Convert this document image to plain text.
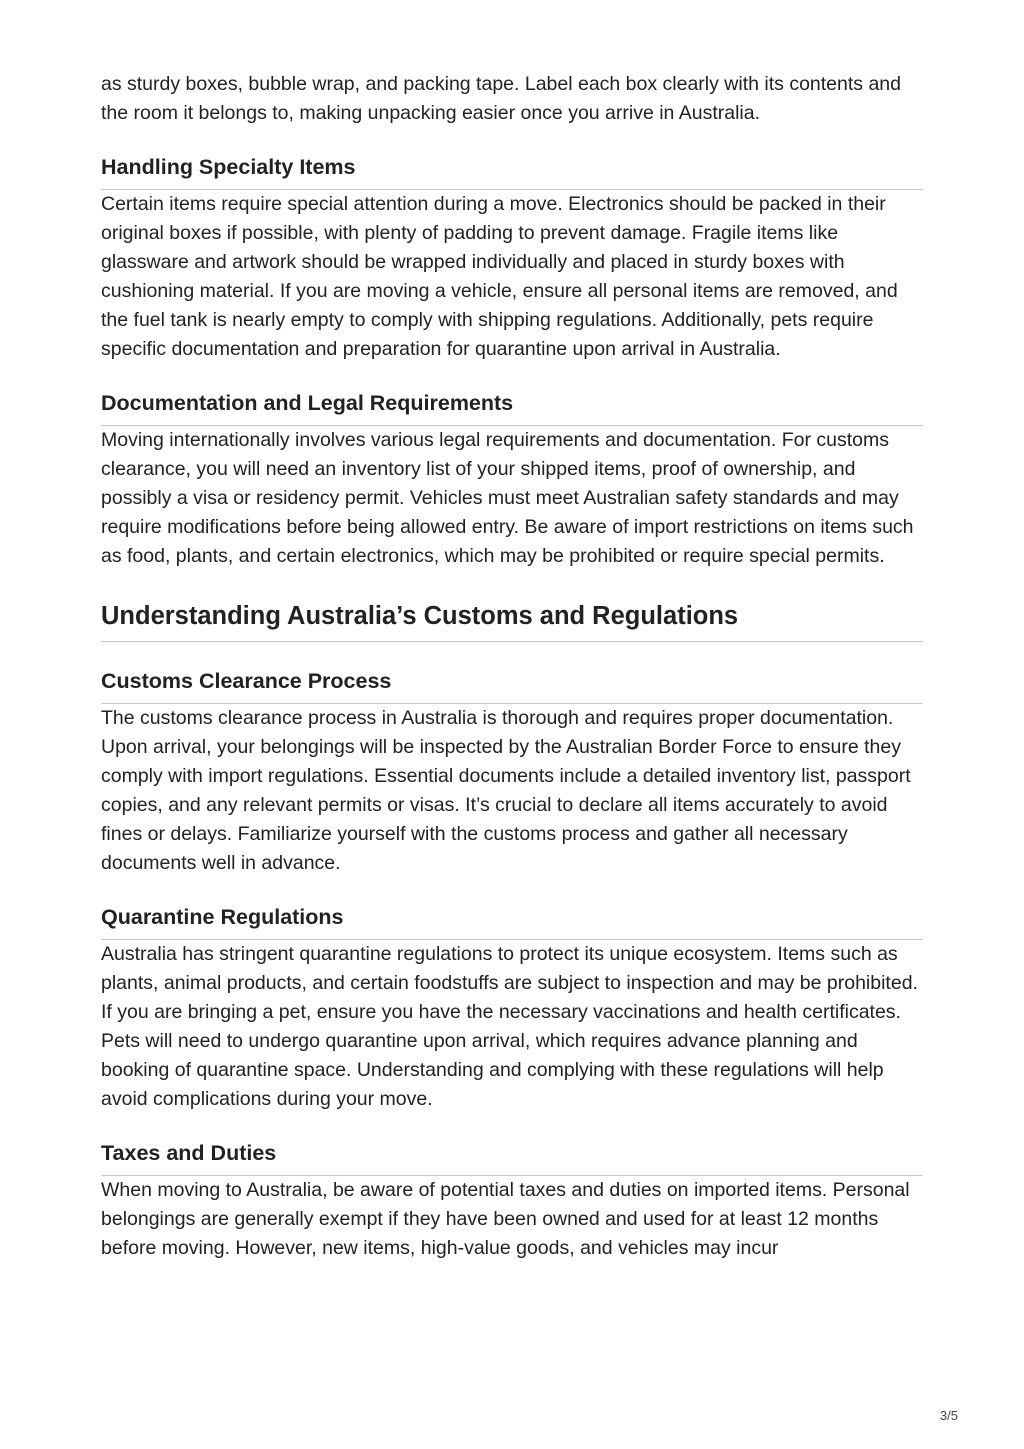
as sturdy boxes, bubble wrap, and packing tape. Label each box clearly with its contents and the room it belongs to, making unpacking easier once you arrive in Australia.

Handling Specialty Items

Certain items require special attention during a move. Electronics should be packed in their original boxes if possible, with plenty of padding to prevent damage. Fragile items like glassware and artwork should be wrapped individually and placed in sturdy boxes with cushioning material. If you are moving a vehicle, ensure all personal items are removed, and the fuel tank is nearly empty to comply with shipping regulations. Additionally, pets require specific documentation and preparation for quarantine upon arrival in Australia.

Documentation and Legal Requirements

Moving internationally involves various legal requirements and documentation. For customs clearance, you will need an inventory list of your shipped items, proof of ownership, and possibly a visa or residency permit. Vehicles must meet Australian safety standards and may require modifications before being allowed entry. Be aware of import restrictions on items such as food, plants, and certain electronics, which may be prohibited or require special permits.

Understanding Australia’s Customs and Regulations
Customs Clearance Process

The customs clearance process in Australia is thorough and requires proper documentation. Upon arrival, your belongings will be inspected by the Australian Border Force to ensure they comply with import regulations. Essential documents include a detailed inventory list, passport copies, and any relevant permits or visas. It’s crucial to declare all items accurately to avoid fines or delays. Familiarize yourself with the customs process and gather all necessary documents well in advance.

Quarantine Regulations

Australia has stringent quarantine regulations to protect its unique ecosystem. Items such as plants, animal products, and certain foodstuffs are subject to inspection and may be prohibited. If you are bringing a pet, ensure you have the necessary vaccinations and health certificates. Pets will need to undergo quarantine upon arrival, which requires advance planning and booking of quarantine space. Understanding and complying with these regulations will help avoid complications during your move.

Taxes and Duties

When moving to Australia, be aware of potential taxes and duties on imported items. Personal belongings are generally exempt if they have been owned and used for at least 12 months before moving. However, new items, high-value goods, and vehicles may incur

3/5
